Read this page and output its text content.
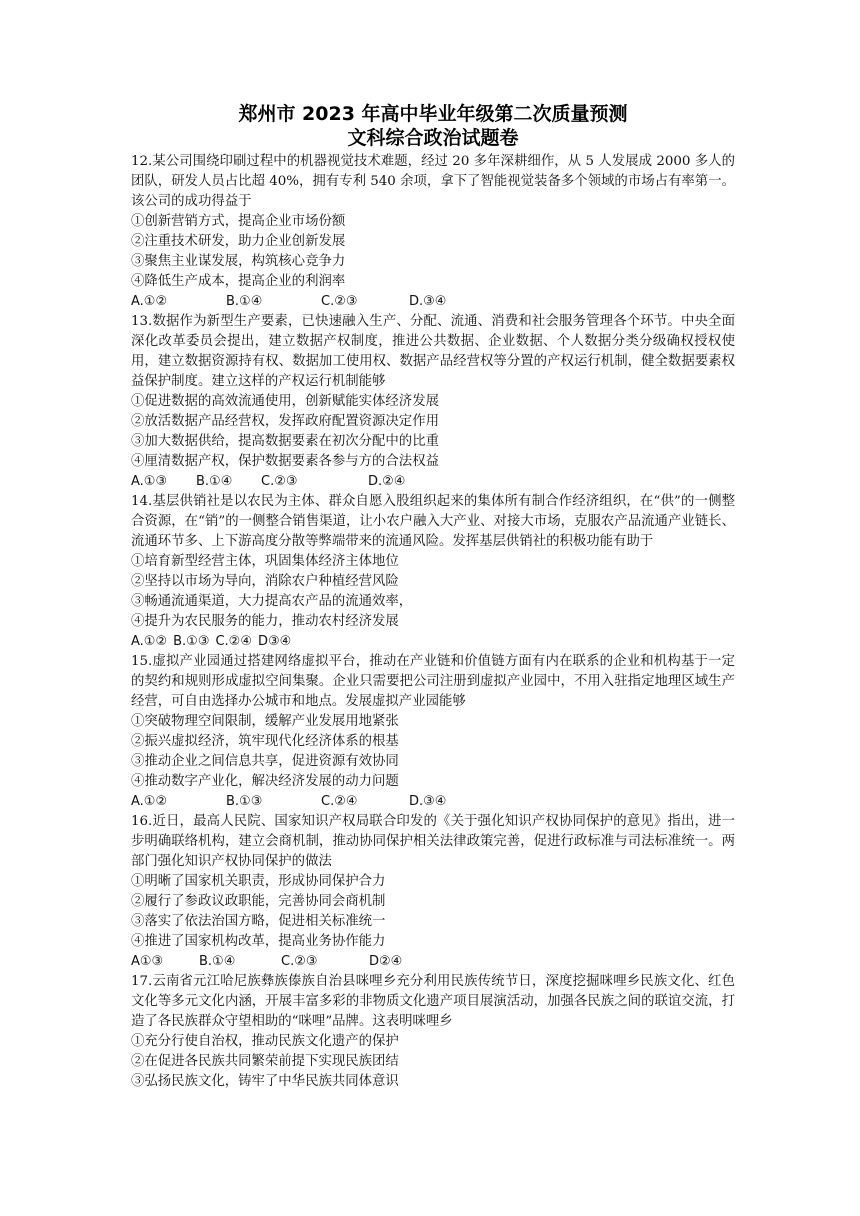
郑州市 2023 年高中毕业年级第二次质量预测
文科综合政治试题卷

12.某公司围绕印刷过程中的机器视觉技术难题，经过 20 多年深耕细作，从 5 人发展成 2000 多人的团队，研发人员占比超 40%，拥有专利 540 余项，拿下了智能视觉装备多个领域的市场占有率第一。该公司的成功得益于

①创新营销方式，提高企业市场份额

②注重技术研发，助力企业创新发展

③聚焦主业谋发展，构筑核心竞争力

④降低生产成本，提高企业的利润率

A.①②	B.①④	C.②③	D.③④

13.数据作为新型生产要素，已快速融入生产、分配、流通、消费和社会服务管理各个环节。中央全面深化改革委员会提出，建立数据产权制度，推进公共数据、企业数据、个人数据分类分级确权授权使用，建立数据资源持有权、数据加工使用权、数据产品经营权等分置的产权运行机制，健全数据要素权益保护制度。建立这样的产权运行机制能够

①促进数据的高效流通使用，创新赋能实体经济发展

②放活数据产品经营权，发挥政府配置资源决定作用

③加大数据供给，提高数据要素在初次分配中的比重

④厘清数据产权，保护数据要素各参与方的合法权益

A.①③	B.①④	C.②③	D.②④

14.基层供销社是以农民为主体、群众自愿入股组织起来的集体所有制合作经济组织，在“供”的一侧整合资源，在“销”的一侧整合销售渠道，让小农户融入大产业、对接大市场，克服农产品流通产业链长、流通环节多、上下游高度分散等弊端带来的流通风险。发挥基层供销社的积极功能有助于

①培育新型经营主体，巩固集体经济主体地位

②坚持以市场为导向，消除农户种植经营风险

③畅通流通渠道，大力提高农产品的流通效率，

④提升为农民服务的能力，推动农村经济发展

A.①② B.①③ C.②④ D③④

15.虚拟产业园通过搭建网络虚拟平台，推动在产业链和价值链方面有内在联系的企业和机构基于一定的契约和规则形成虚拟空间集聚。企业只需要把公司注册到虚拟产业园中，不用入驻指定地理区域生产经营，可自由选择办公城市和地点。发展虚拟产业园能够

①突破物理空间限制，缓解产业发展用地紧张

②振兴虚拟经济，筑牢现代化经济体系的根基

③推动企业之间信息共享，促进资源有效协同

④推动数字产业化，解决经济发展的动力问题

A.①②	B.①③	C.②④	D.③④

16.近日，最高人民院、国家知识产权局联合印发的《关于强化知识产权协同保护的意见》指出，进一步明确联络机构，建立会商机制，推动协同保护相关法律政策完善，促进行政标准与司法标准统一。两部门强化知识产权协同保护的做法

①明晰了国家机关职责，形成协同保护合力

②履行了参政议政职能，完善协同会商机制

③落实了依法治国方略，促进相关标准统一

④推进了国家机构改革，提高业务协作能力

A①③	B.①④	C.②③	D②④

17.云南省元江哈尼族彝族傣族自治县咪哩乡充分利用民族传统节日，深度挖掘咪哩乡民族文化、红色文化等多元文化内涵，开展丰富多彩的非物质文化遗产项目展演活动，加强各民族之间的联谊交流，打造了各民族群众守望相助的“咪哩”品牌。这表明咪哩乡

①充分行使自治权，推动民族文化遗产的保护

②在促进各民族共同繁荣前提下实现民族团结

③弘扬民族文化，铸牢了中华民族共同体意识
